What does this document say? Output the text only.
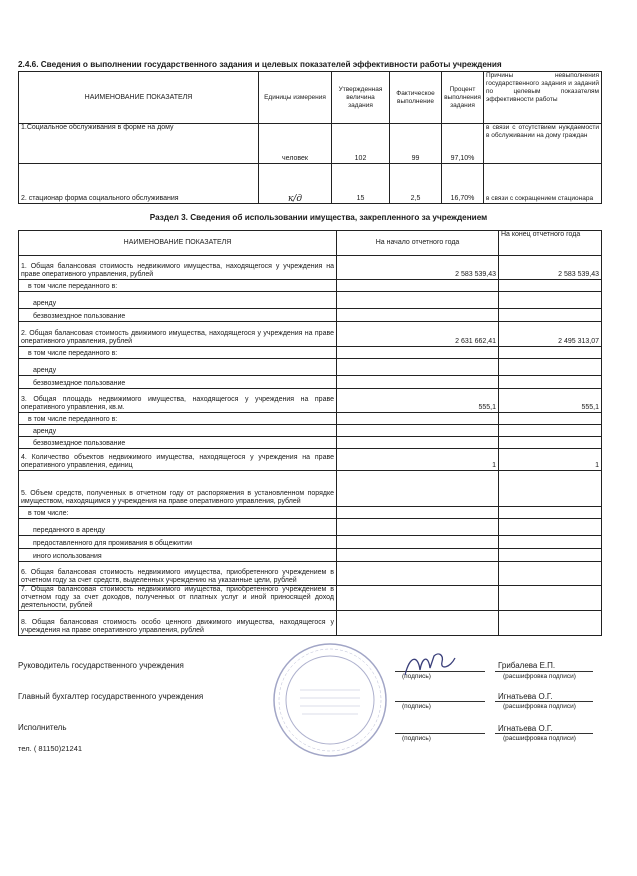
2.4.6. Сведения о выполнении государственного задания и целевых показателей эффективности работы учреждения
НАИМЕНОВАНИЕ ПОКАЗАТЕЛЯ	Единицы измерения	Утвержденная величина задания	Фактическое выполнение	Процент выполнения задания	Причины невыполнения государственного задания и заданий по целевым показателям эффективности работы
1.Социальное обслуживания в форме на дому	человек	102	99	97,10%	в связи с отсутствием нуждаемости в обслуживании на дому граждан
2. стационар форма социального обслуживания	к/д	15	2,5	16,70%	в связи с сокращением стационара
Раздел 3. Сведения об использовании имущества, закрепленного за учреждением
НАИМЕНОВАНИЕ ПОКАЗАТЕЛЯ	На начало отчетного года	На конец отчетного года
1. Общая балансовая стоимость недвижимого имущества, находящегося у учреждения на праве оперативного управления, рублей	2 583 539,43	2 583 539,43
в том числе переданного в:		
аренду		
безвозмездное пользование		
2. Общая балансовая стоимость движимого имущества, находящегося у учреждения на праве оперативного управления, рублей	2 631 662,41	2 495 313,07
в том числе переданного в:		
аренду		
безвозмездное пользование		
3. Общая площадь недвижимого имущества, находящегося у учреждения на праве оперативного управления, кв.м.	555,1	555,1
в том числе переданного в:		
аренду		
безвозмездное пользование		
4. Количество объектов недвижимого имущества, находящегося у учреждения на праве оперативного управления, единиц	1	1
5. Объем средств, полученных в отчетном году от распоряжения в установленном порядке имуществом, находящимся у учреждения на праве оперативного управления, рублей		
в том числе:		
переданного в аренду		
предоставленного для проживания в общежитии		
иного использования		
6. Общая балансовая стоимость недвижимого имущества, приобретенного учреждением в отчетном году за счет средств, выделенных учреждению на указанные цели, рублей		
7. Общая балансовая стоимость недвижимого имущества, приобретенного учреждением в отчетном году за счет доходов, полученных от платных услуг и иной приносящей доход деятельности, рублей		
8. Общая балансовая стоимость особо ценного движимого имущества, находящегося у учреждения на праве оперативного управления, рублей		
Руководитель государственного учреждения	Грибалева Е.П.
(подпись)	(расшифровка подписи)
Главный бухгалтер государственного учреждения	Игнатьева О.Г.
(подпись)	(расшифровка подписи)
Исполнитель	Игнатьева О.Г.
(подпись)	(расшифровка подписи)
тел. ( 81150)21241
